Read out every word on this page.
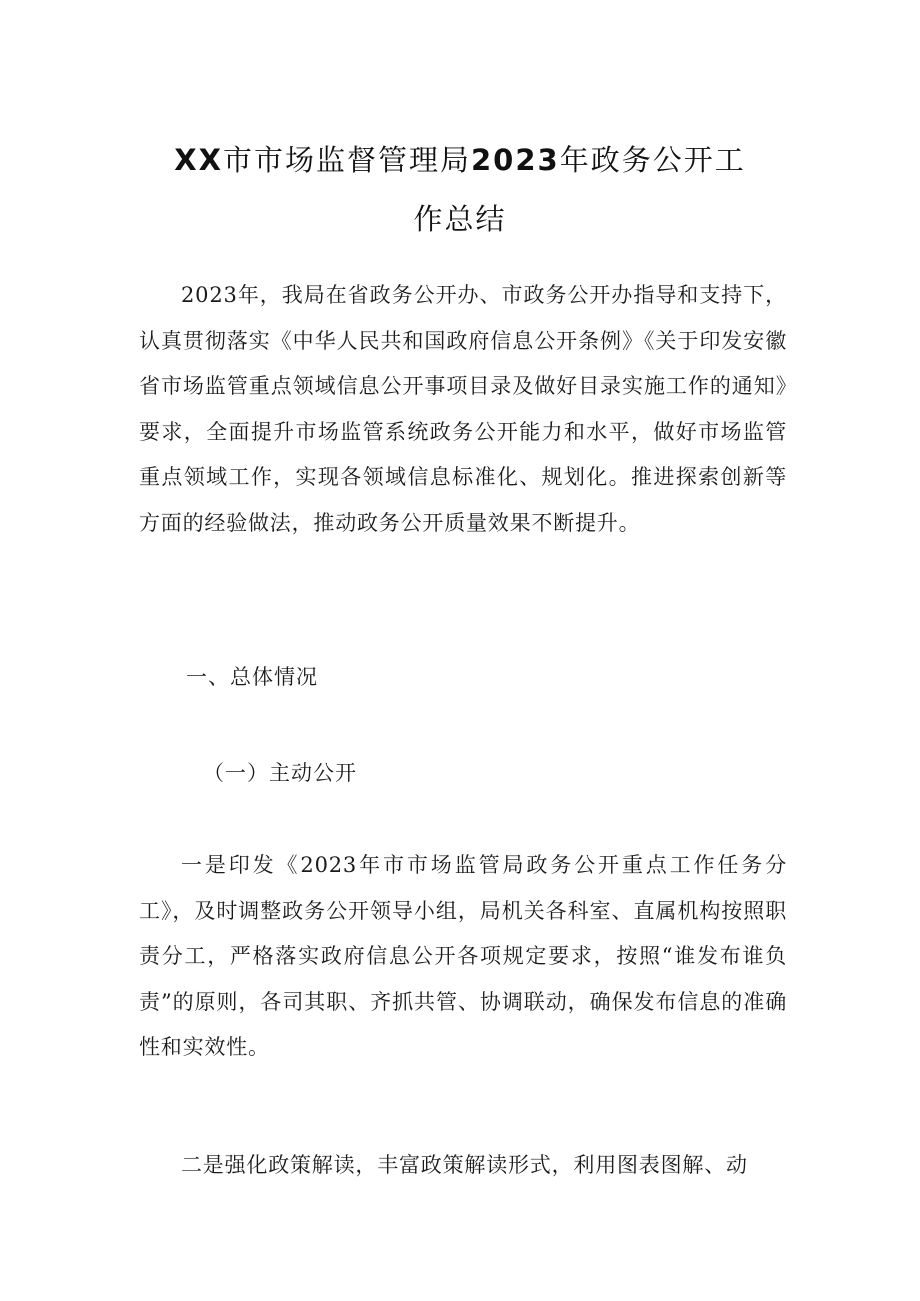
XX市市场监督管理局2023年政务公开工
作总结

2023年，我局在省政务公开办、市政务公开办指导和支持下，认真贯彻落实《中华人民共和国政府信息公开条例》《关于印发安徽省市场监管重点领域信息公开事项目录及做好目录实施工作的通知》要求，全面提升市场监管系统政务公开能力和水平，做好市场监管重点领域工作，实现各领域信息标准化、规划化。推进探索创新等方面的经验做法，推动政务公开质量效果不断提升。

一、总体情况

（一）主动公开

一是印发《2023年市市场监管局政务公开重点工作任务分工》，及时调整政务公开领导小组，局机关各科室、直属机构按照职责分工，严格落实政府信息公开各项规定要求，按照“谁发布谁负责”的原则，各司其职、齐抓共管、协调联动，确保发布信息的准确性和实效性。

二是强化政策解读，丰富政策解读形式，利用图表图解、动
